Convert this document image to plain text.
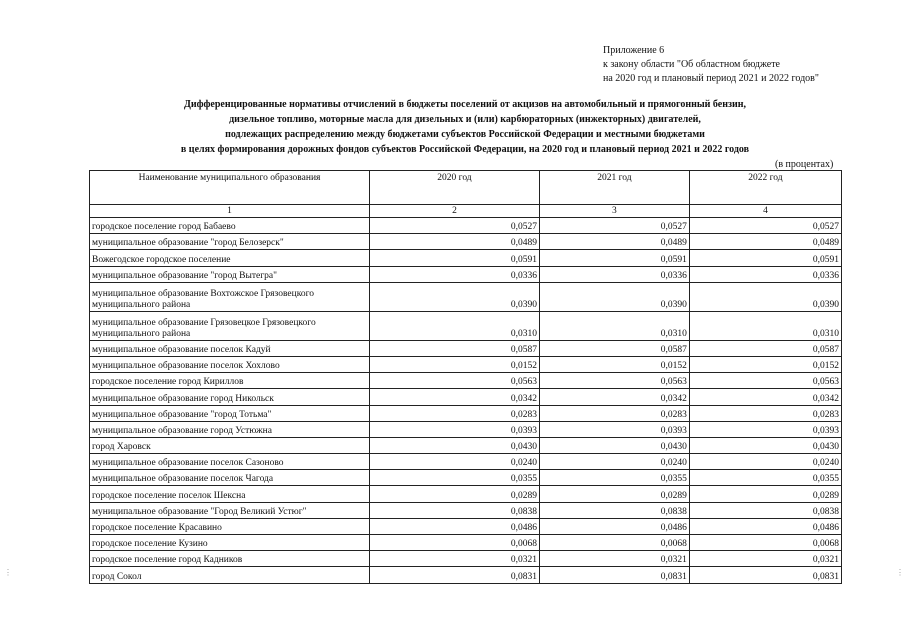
Приложение 6
к закону области "Об областном бюджете
на 2020 год и плановый период 2021 и 2022 годов"
Дифференцированные нормативы отчислений в бюджеты поселений от акцизов на автомобильный и прямогонный бензин,
дизельное топливо, моторные масла для дизельных и (или) карбюраторных (инжекторных) двигателей,
подлежащих распределению между бюджетами субъектов Российской Федерации и местными бюджетами
в целях формирования дорожных фондов субъектов Российской Федерации, на 2020 год и плановый период 2021 и 2022 годов
(в процентах)
Наименование муниципального образования	2020 год	2021 год	2022 год
1	2	3	4
городское поселение город Бабаево	0,0527	0,0527	0,0527
муниципальное образование "город Белозерск"	0,0489	0,0489	0,0489
Вожегодское городское поселение	0,0591	0,0591	0,0591
муниципальное образование "город Вытегра"	0,0336	0,0336	0,0336
муниципальное образование Вохтожское Грязовецкого муниципального района	0,0390	0,0390	0,0390
муниципальное образование Грязовецкое Грязовецкого муниципального района	0,0310	0,0310	0,0310
муниципальное образование поселок Кадуй	0,0587	0,0587	0,0587
муниципальное образование поселок Хохлово	0,0152	0,0152	0,0152
городское поселение город Кириллов	0,0563	0,0563	0,0563
муниципальное образование город Никольск	0,0342	0,0342	0,0342
муниципальное образование "город Тотьма"	0,0283	0,0283	0,0283
муниципальное образование город Устюжна	0,0393	0,0393	0,0393
город Харовск	0,0430	0,0430	0,0430
муниципальное образование поселок Сазоново	0,0240	0,0240	0,0240
муниципальное образование поселок Чагода	0,0355	0,0355	0,0355
городское поселение поселок Шексна	0,0289	0,0289	0,0289
муниципальное образование "Город Великий Устюг"	0,0838	0,0838	0,0838
городское поселение Красавино	0,0486	0,0486	0,0486
городское поселение Кузино	0,0068	0,0068	0,0068
городское поселение город Кадников	0,0321	0,0321	0,0321
город Сокол	0,0831	0,0831	0,0831
⋮	⋮
